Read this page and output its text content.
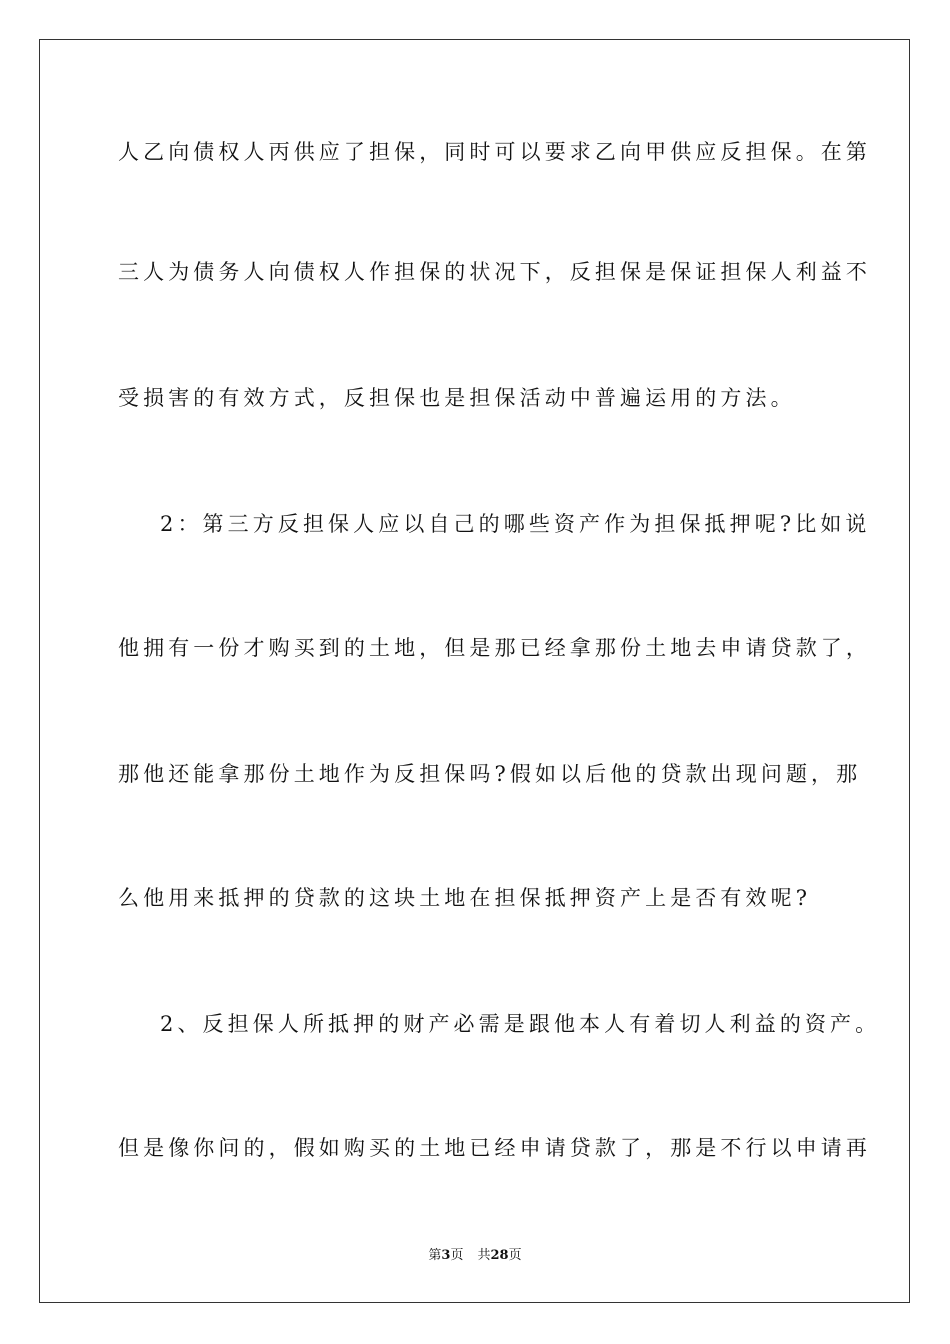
人乙向债权人丙供应了担保，同时可以要求乙向甲供应反担保。在第
三人为债务人向债权人作担保的状况下，反担保是保证担保人利益不
受损害的有效方式，反担保也是担保活动中普遍运用的方法。
2：第三方反担保人应以自己的哪些资产作为担保抵押呢?比如说
他拥有一份才购买到的土地，但是那已经拿那份土地去申请贷款了，
那他还能拿那份土地作为反担保吗?假如以后他的贷款出现问题，那
么他用来抵押的贷款的这块土地在担保抵押资产上是否有效呢?
2、反担保人所抵押的财产必需是跟他本人有着切人利益的资产。
但是像你问的，假如购买的土地已经申请贷款了，那是不行以申请再
第3页 共28页
